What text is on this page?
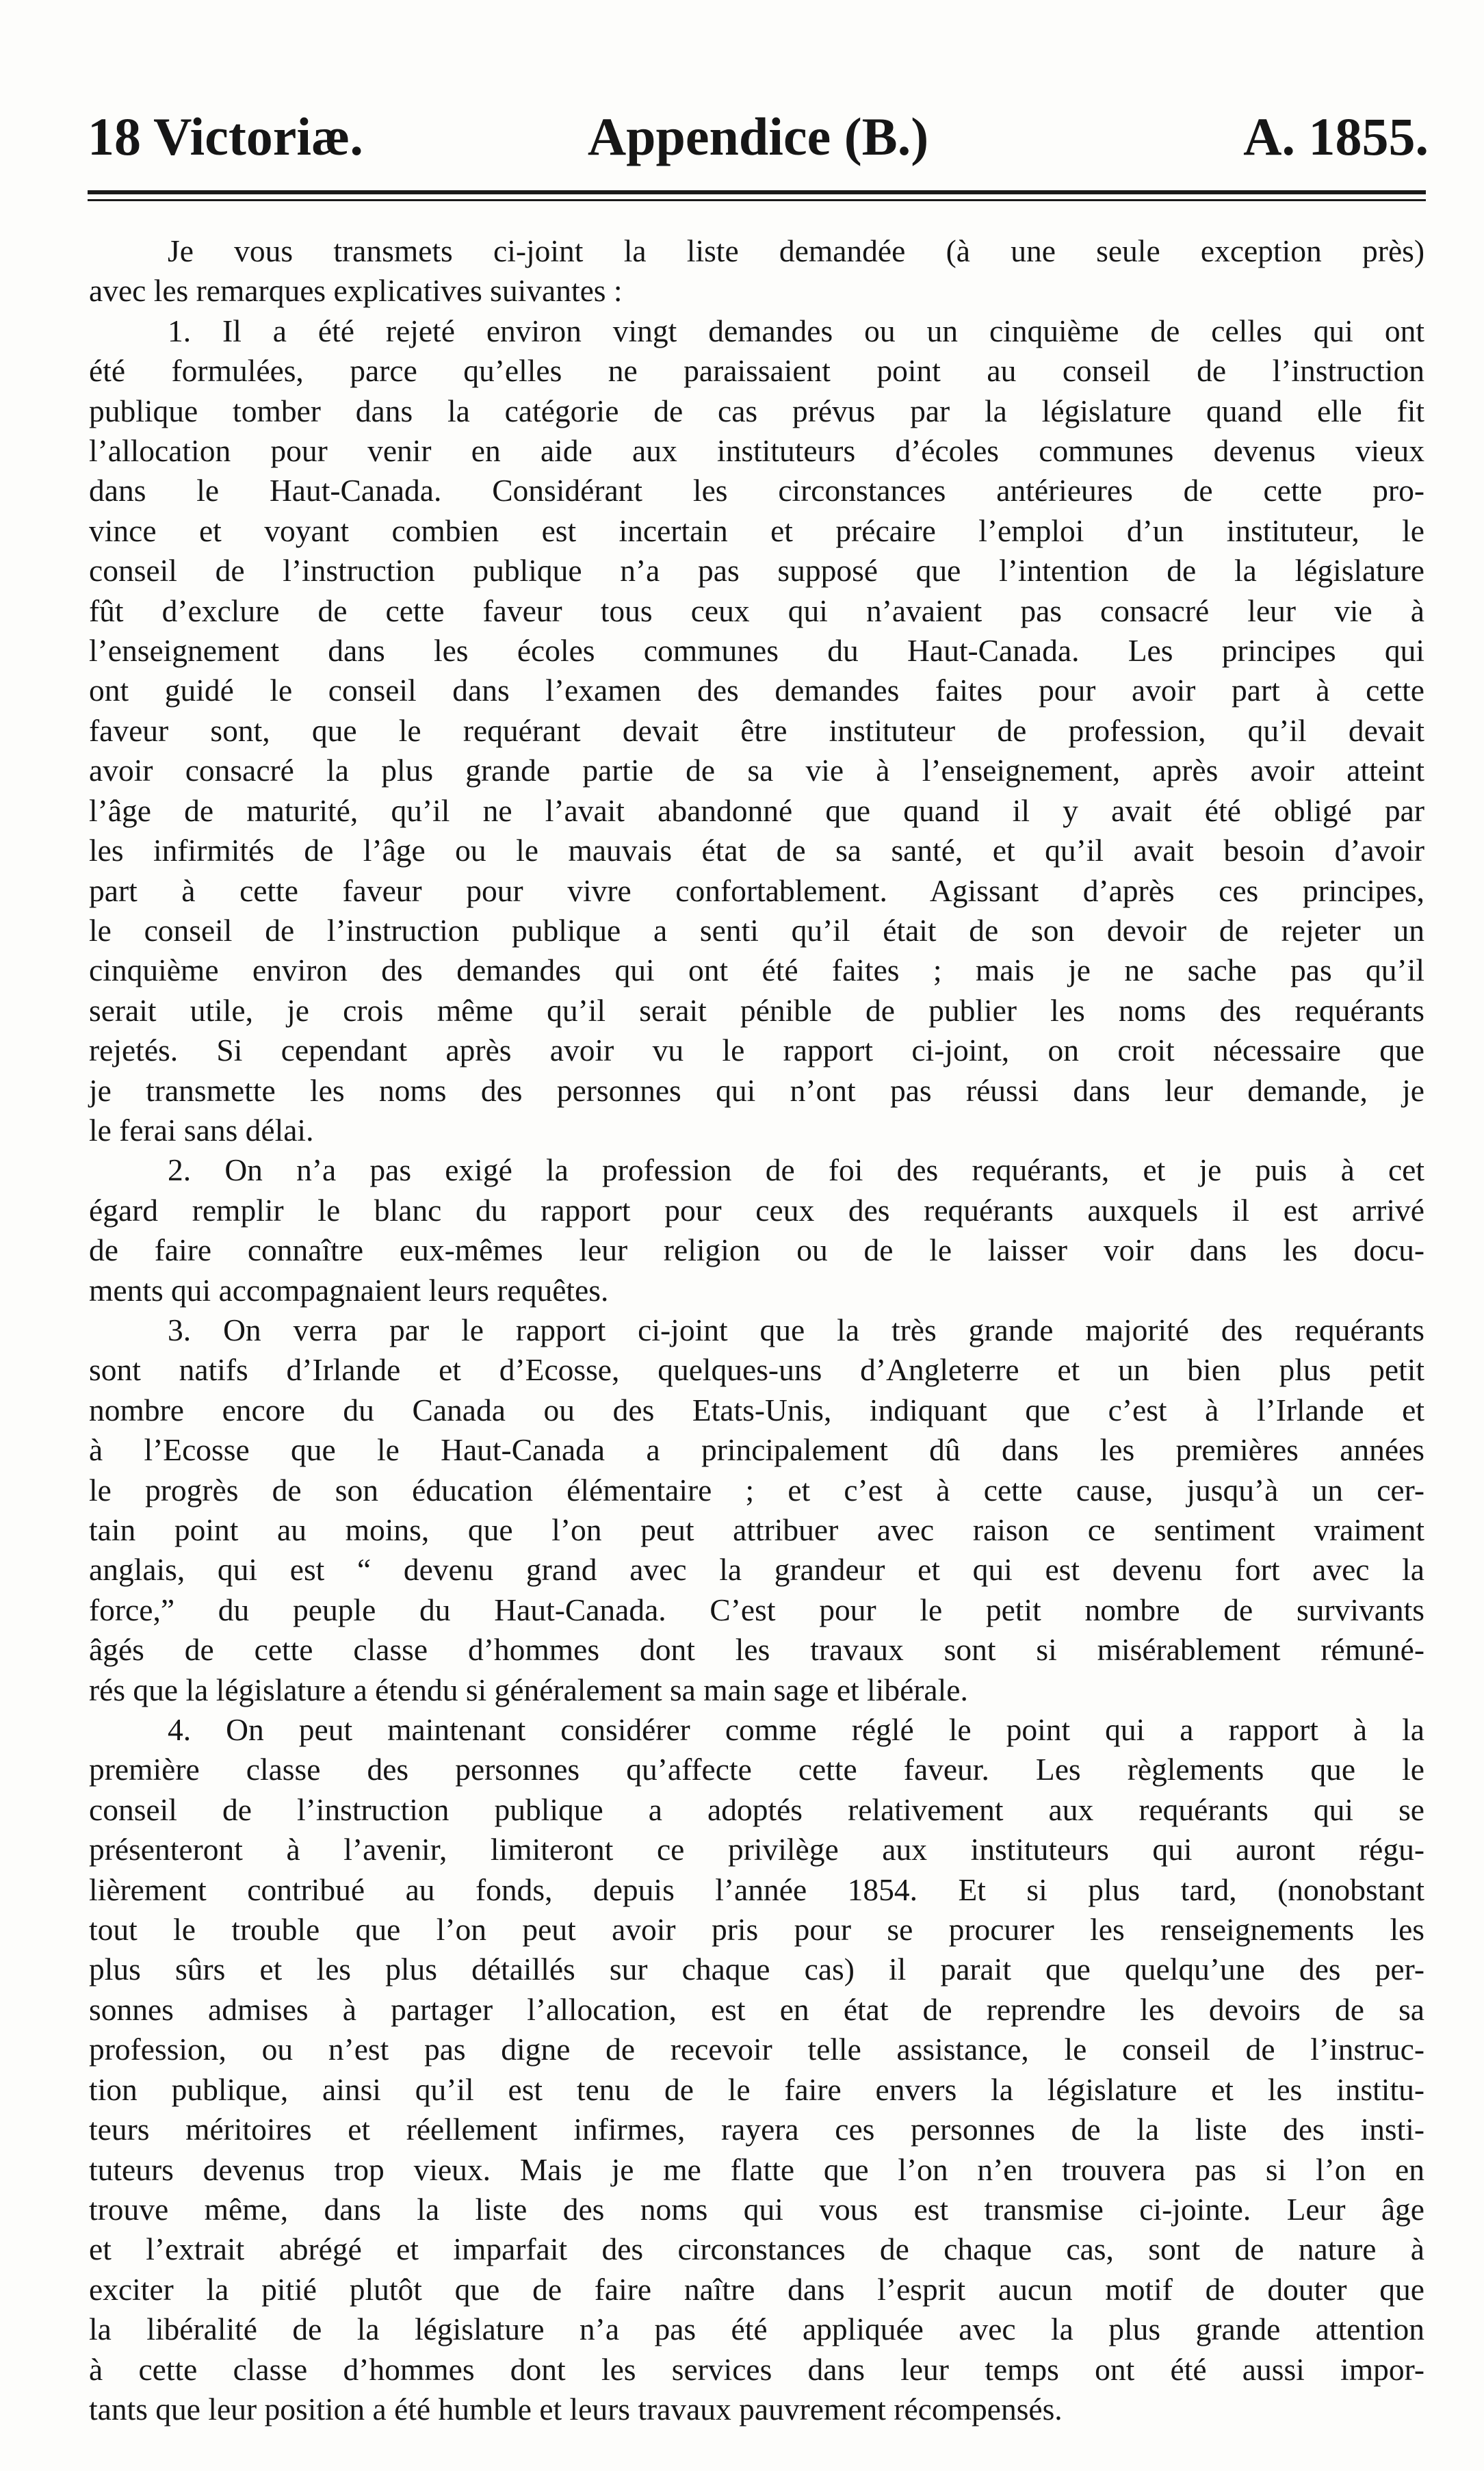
18 Victoriæ.	Appendice (B.)	A. 1855.
Je vous transmets ci-joint la liste demandée (à une seule exception près)
avec les remarques explicatives suivantes :
1. Il a été rejeté environ vingt demandes ou un cinquième de celles qui ont
été formulées, parce qu’elles ne paraissaient point au conseil de l’instruction
publique tomber dans la catégorie de cas prévus par la législature quand elle fit
l’allocation pour venir en aide aux instituteurs d’écoles communes devenus vieux
dans le Haut-Canada. Considérant les circonstances antérieures de cette pro-
vince et voyant combien est incertain et précaire l’emploi d’un instituteur, le
conseil de l’instruction publique n’a pas supposé que l’intention de la législature
fût d’exclure de cette faveur tous ceux qui n’avaient pas consacré leur vie à
l’enseignement dans les écoles communes du Haut-Canada. Les principes qui
ont guidé le conseil dans l’examen des demandes faites pour avoir part à cette
faveur sont, que le requérant devait être instituteur de profession, qu’il devait
avoir consacré la plus grande partie de sa vie à l’enseignement, après avoir atteint
l’âge de maturité, qu’il ne l’avait abandonné que quand il y avait été obligé par
les infirmités de l’âge ou le mauvais état de sa santé, et qu’il avait besoin d’avoir
part à cette faveur pour vivre confortablement. Agissant d’après ces principes,
le conseil de l’instruction publique a senti qu’il était de son devoir de rejeter un
cinquième environ des demandes qui ont été faites ; mais je ne sache pas qu’il
serait utile, je crois même qu’il serait pénible de publier les noms des requérants
rejetés. Si cependant après avoir vu le rapport ci-joint, on croit nécessaire que
je transmette les noms des personnes qui n’ont pas réussi dans leur demande, je
le ferai sans délai.
2. On n’a pas exigé la profession de foi des requérants, et je puis à cet
égard remplir le blanc du rapport pour ceux des requérants auxquels il est arrivé
de faire connaître eux-mêmes leur religion ou de le laisser voir dans les docu-
ments qui accompagnaient leurs requêtes.
3. On verra par le rapport ci-joint que la très grande majorité des requérants
sont natifs d’Irlande et d’Ecosse, quelques-uns d’Angleterre et un bien plus petit
nombre encore du Canada ou des Etats-Unis, indiquant que c’est à l’Irlande et
à l’Ecosse que le Haut-Canada a principalement dû dans les premières années
le progrès de son éducation élémentaire ; et c’est à cette cause, jusqu’à un cer-
tain point au moins, que l’on peut attribuer avec raison ce sentiment vraiment
anglais, qui est “ devenu grand avec la grandeur et qui est devenu fort avec la
force,” du peuple du Haut-Canada. C’est pour le petit nombre de survivants
âgés de cette classe d’hommes dont les travaux sont si misérablement rémuné-
rés que la législature a étendu si généralement sa main sage et libérale.
4. On peut maintenant considérer comme réglé le point qui a rapport à la
première classe des personnes qu’affecte cette faveur. Les règlements que le
conseil de l’instruction publique a adoptés relativement aux requérants qui se
présenteront à l’avenir, limiteront ce privilège aux instituteurs qui auront régu-
lièrement contribué au fonds, depuis l’année 1854. Et si plus tard, (nonobstant
tout le trouble que l’on peut avoir pris pour se procurer les renseignements les
plus sûrs et les plus détaillés sur chaque cas) il parait que quelqu’une des per-
sonnes admises à partager l’allocation, est en état de reprendre les devoirs de sa
profession, ou n’est pas digne de recevoir telle assistance, le conseil de l’instruc-
tion publique, ainsi qu’il est tenu de le faire envers la législature et les institu-
teurs méritoires et réellement infirmes, rayera ces personnes de la liste des insti-
tuteurs devenus trop vieux. Mais je me flatte que l’on n’en trouvera pas si l’on en
trouve même, dans la liste des noms qui vous est transmise ci-jointe. Leur âge
et l’extrait abrégé et imparfait des circonstances de chaque cas, sont de nature à
exciter la pitié plutôt que de faire naître dans l’esprit aucun motif de douter que
la libéralité de la législature n’a pas été appliquée avec la plus grande attention
à cette classe d’hommes dont les services dans leur temps ont été aussi impor-
tants que leur position a été humble et leurs travaux pauvrement récompensés.
